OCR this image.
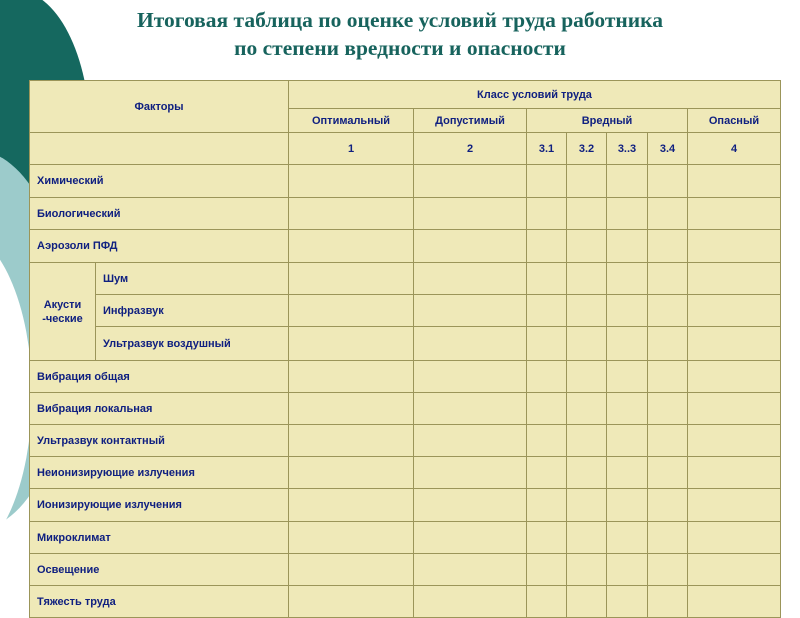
Итоговая таблица по оценке условий труда работника
по степени вредности и опасности
Факторы		Класс условий труда						
		Оптимальный	Допустимый	Вредный				Опасный
		1	2	3.1	3.2	3..3	3.4	4
Химический								
Биологический								
Аэрозоли ПФД								
Акусти -ческие	Шум							
	Инфразвук							
	Ультразвук воздушный							
Вибрация общая								
Вибрация локальная								
Ультразвук контактный								
Неионизирующие излучения								
Ионизирующие излучения								
Микроклимат								
Освещение								
Тяжесть труда								
